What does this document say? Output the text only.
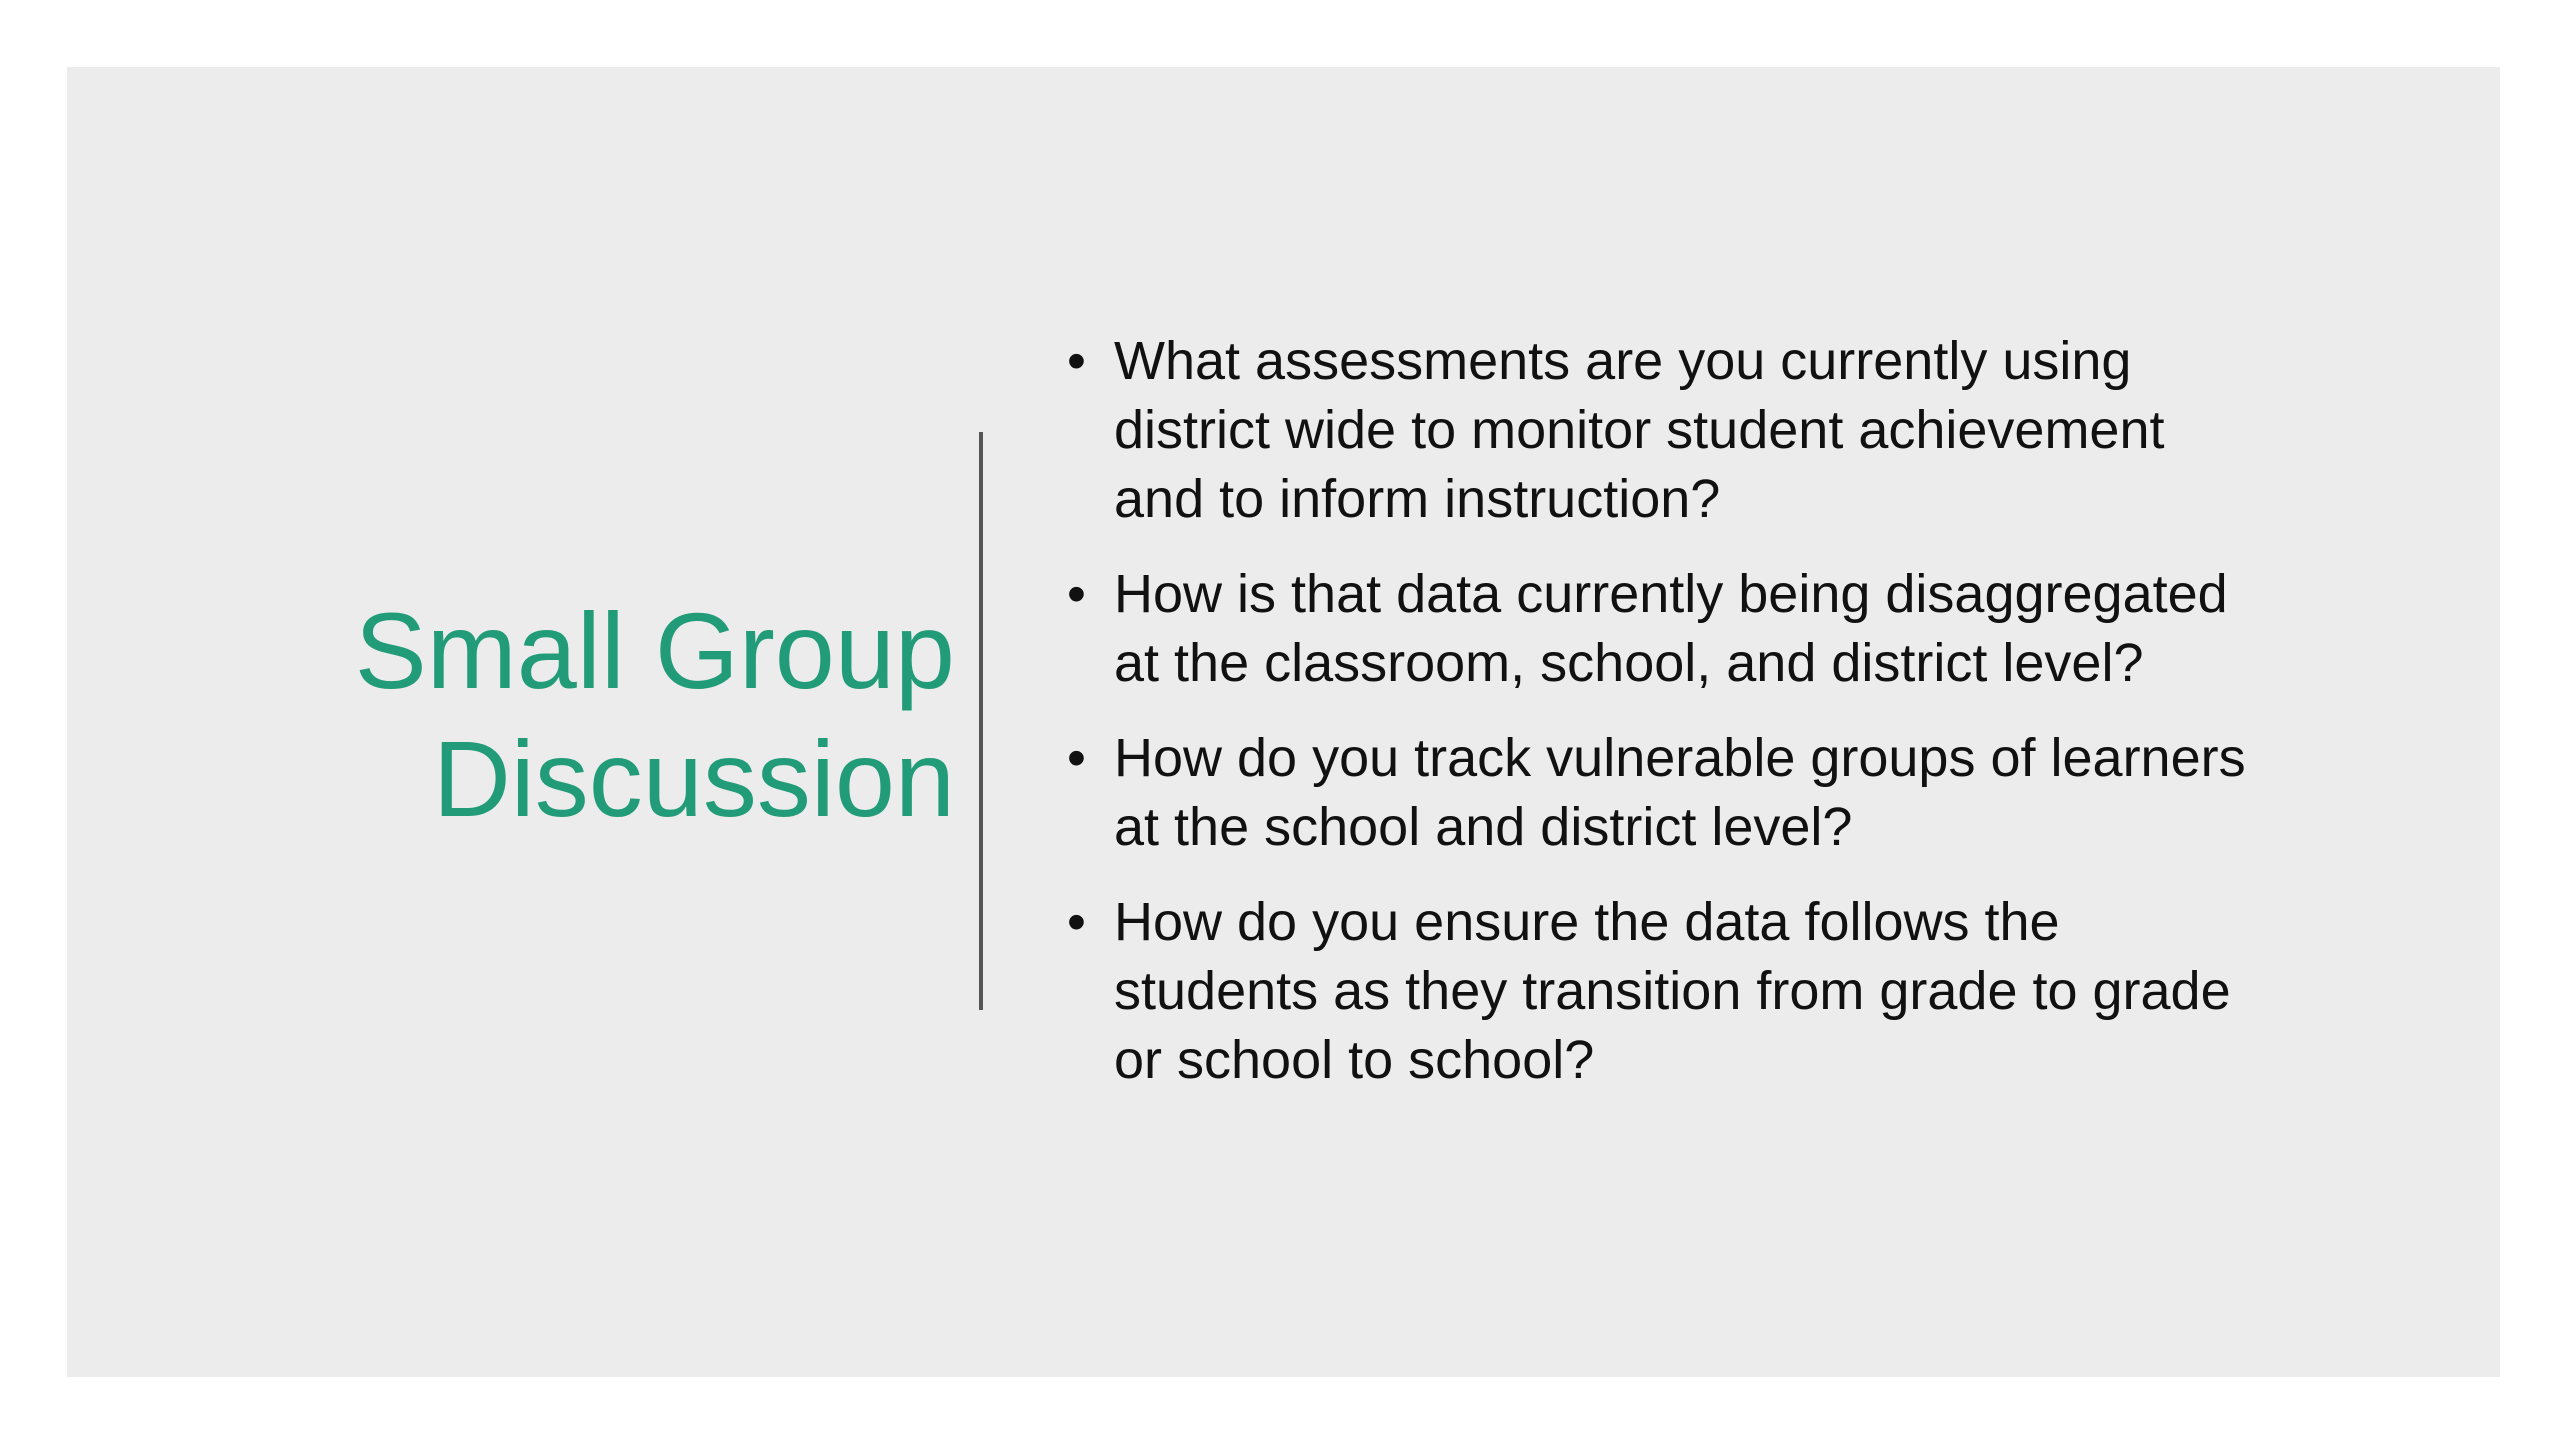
Small Group
Discussion
• What assessments are you currently using
district wide to monitor student achievement
and to inform instruction?
• How is that data currently being disaggregated
at the classroom, school, and district level?
• How do you track vulnerable groups of learners
at the school and district level?
• How do you ensure the data follows the
students as they transition from grade to grade
or school to school?
